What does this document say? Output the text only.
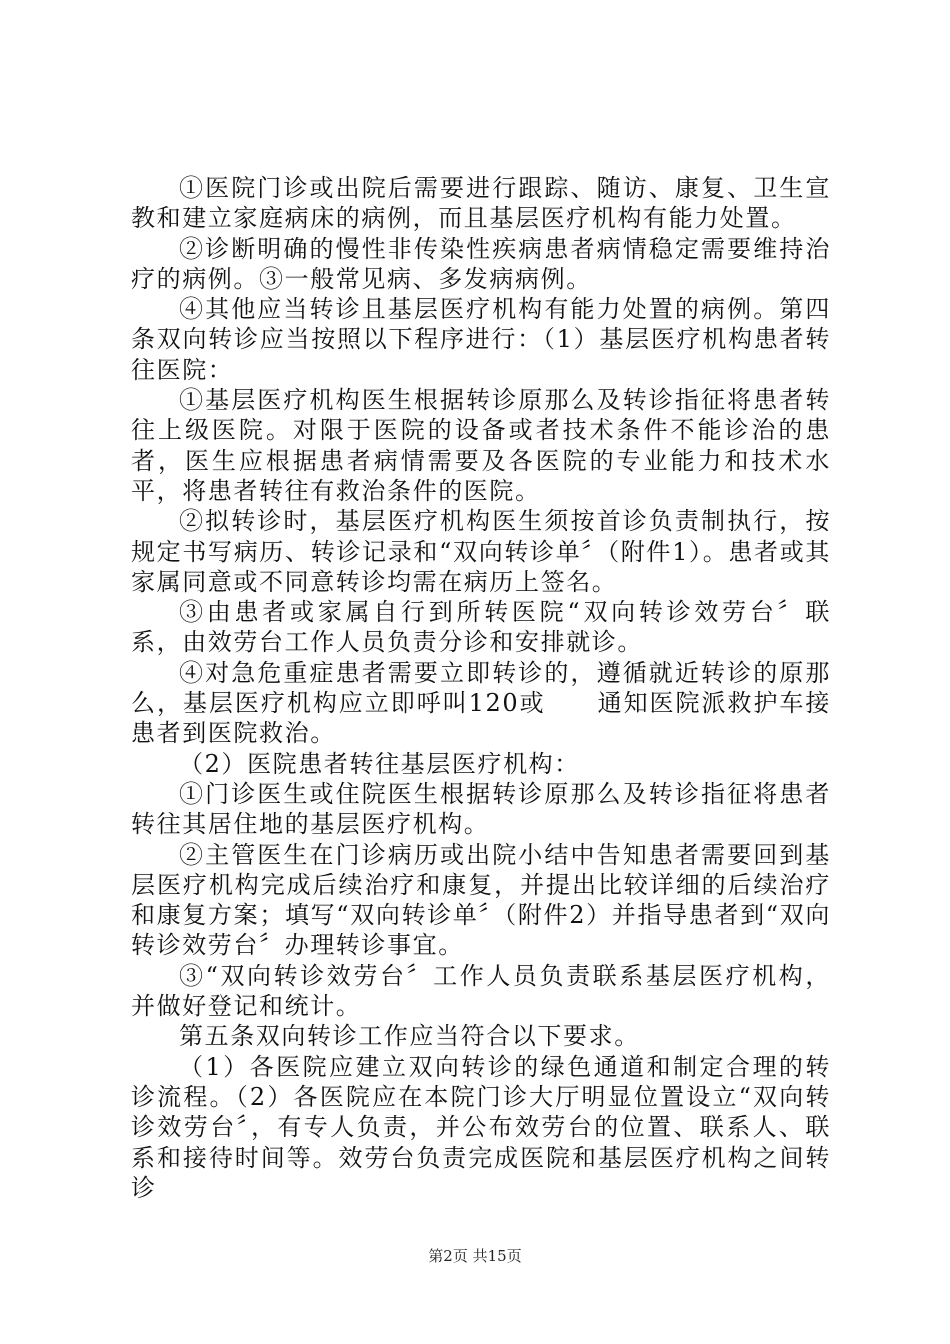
①医院门诊或出院后需要进行跟踪、随访、康复、卫生宣教和建立家庭病床的病例，而且基层医疗机构有能力处置。

②诊断明确的慢性非传染性疾病患者病情稳定需要维持治疗的病例。③一般常见病、多发病病例。

④其他应当转诊且基层医疗机构有能力处置的病例。第四条双向转诊应当按照以下程序进行：（1）基层医疗机构患者转往医院：

①基层医疗机构医生根据转诊原那么及转诊指征将患者转往上级医院。对限于医院的设备或者技术条件不能诊治的患者，医生应根据患者病情需要及各医院的专业能力和技术水平，将患者转往有救治条件的医院。

②拟转诊时，基层医疗机构医生须按首诊负责制执行，按规定书写病历、转诊记录和“双向转诊单〞（附件1）。患者或其家属同意或不同意转诊均需在病历上签名。

③由患者或家属自行到所转医院“双向转诊效劳台〞联系，由效劳台工作人员负责分诊和安排就诊。

④对急危重症患者需要立即转诊的，遵循就近转诊的原那么，基层医疗机构应立即呼叫120或　　通知医院派救护车接患者到医院救治。

（2）医院患者转往基层医疗机构：

①门诊医生或住院医生根据转诊原那么及转诊指征将患者转往其居住地的基层医疗机构。

②主管医生在门诊病历或出院小结中告知患者需要回到基层医疗机构完成后续治疗和康复，并提出比较详细的后续治疗和康复方案；填写“双向转诊单〞（附件2）并指导患者到“双向转诊效劳台〞办理转诊事宜。

③“双向转诊效劳台〞工作人员负责联系基层医疗机构，并做好登记和统计。

第五条双向转诊工作应当符合以下要求。

（1）各医院应建立双向转诊的绿色通道和制定合理的转诊流程。（2）各医院应在本院门诊大厅明显位置设立“双向转诊效劳台〞，有专人负责，并公布效劳台的位置、联系人、联系和接待时间等。效劳台负责完成医院和基层医疗机构之间转诊

第2页 共15页
